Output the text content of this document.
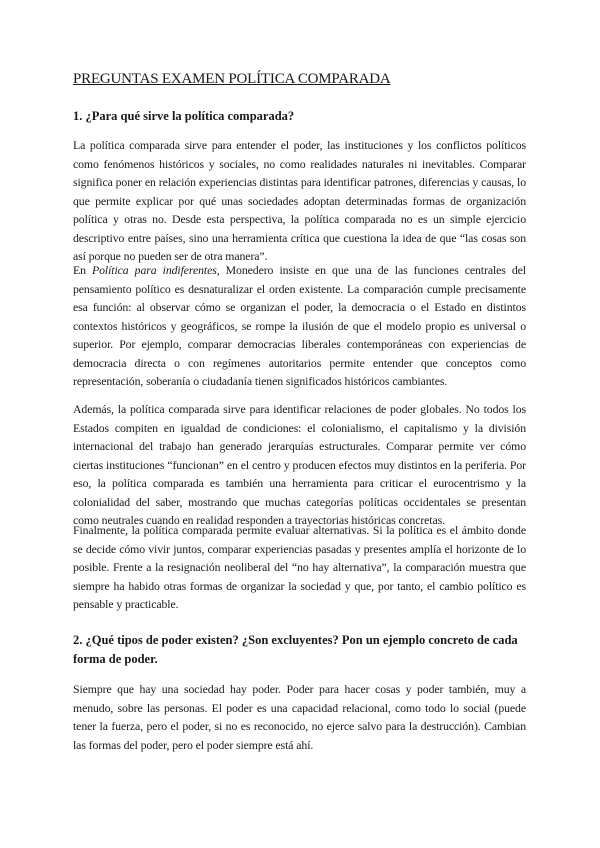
PREGUNTAS EXAMEN POLÍTICA COMPARADA
1. ¿Para qué sirve la política comparada?

La política comparada sirve para entender el poder, las instituciones y los conflictos políticos como fenómenos históricos y sociales, no como realidades naturales ni inevitables. Comparar significa poner en relación experiencias distintas para identificar patrones, diferencias y causas, lo que permite explicar por qué unas sociedades adoptan determinadas formas de organización política y otras no. Desde esta perspectiva, la política comparada no es un simple ejercicio descriptivo entre países, sino una herramienta crítica que cuestiona la idea de que “las cosas son así porque no pueden ser de otra manera”.

En Política para indiferentes, Monedero insiste en que una de las funciones centrales del pensamiento político es desnaturalizar el orden existente. La comparación cumple precisamente esa función: al observar cómo se organizan el poder, la democracia o el Estado en distintos contextos históricos y geográficos, se rompe la ilusión de que el modelo propio es universal o superior. Por ejemplo, comparar democracias liberales contemporáneas con experiencias de democracia directa o con regímenes autoritarios permite entender que conceptos como representación, soberanía o ciudadanía tienen significados históricos cambiantes.

Además, la política comparada sirve para identificar relaciones de poder globales. No todos los Estados compiten en igualdad de condiciones: el colonialismo, el capitalismo y la división internacional del trabajo han generado jerarquías estructurales. Comparar permite ver cómo ciertas instituciones “funcionan” en el centro y producen efectos muy distintos en la periferia. Por eso, la política comparada es también una herramienta para criticar el eurocentrismo y la colonialidad del saber, mostrando que muchas categorías políticas occidentales se presentan como neutrales cuando en realidad responden a trayectorias históricas concretas.

Finalmente, la política comparada permite evaluar alternativas. Si la política es el ámbito donde se decide cómo vivir juntos, comparar experiencias pasadas y presentes amplía el horizonte de lo posible. Frente a la resignación neoliberal del “no hay alternativa”, la comparación muestra que siempre ha habido otras formas de organizar la sociedad y que, por tanto, el cambio político es pensable y practicable.

2. ¿Qué tipos de poder existen? ¿Son excluyentes? Pon un ejemplo concreto de cada forma de poder.

Siempre que hay una sociedad hay poder. Poder para hacer cosas y poder también, muy a menudo, sobre las personas. El poder es una capacidad relacional, como todo lo social (puede tener la fuerza, pero el poder, si no es reconocido, no ejerce salvo para la destrucción). Cambian las formas del poder, pero el poder siempre está ahí.
